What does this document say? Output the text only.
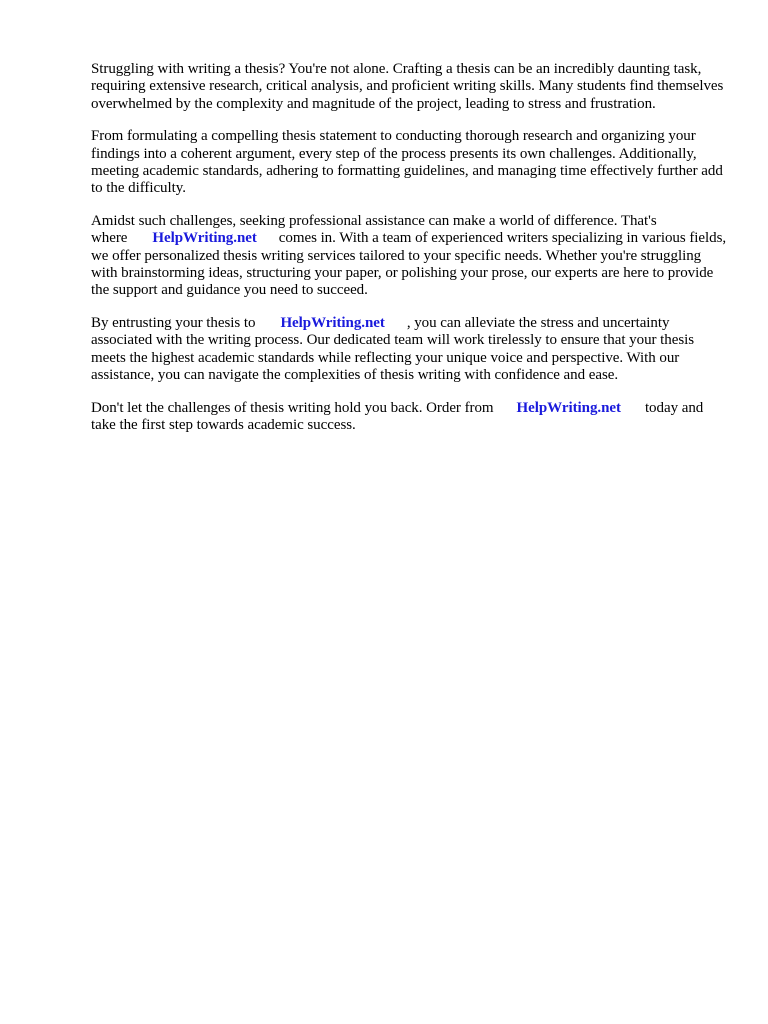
Struggling with writing a thesis? You're not alone. Crafting a thesis can be an incredibly daunting task, requiring extensive research, critical analysis, and proficient writing skills. Many students find themselves overwhelmed by the complexity and magnitude of the project, leading to stress and frustration.

From formulating a compelling thesis statement to conducting thorough research and organizing your findings into a coherent argument, every step of the process presents its own challenges. Additionally, meeting academic standards, adhering to formatting guidelines, and managing time effectively further add to the difficulty.

Amidst such challenges, seeking professional assistance can make a world of difference. That's where HelpWriting.net comes in. With a team of experienced writers specializing in various fields, we offer personalized thesis writing services tailored to your specific needs. Whether you're struggling with brainstorming ideas, structuring your paper, or polishing your prose, our experts are here to provide the support and guidance you need to succeed.

By entrusting your thesis to HelpWriting.net , you can alleviate the stress and uncertainty associated with the writing process. Our dedicated team will work tirelessly to ensure that your thesis meets the highest academic standards while reflecting your unique voice and perspective. With our assistance, you can navigate the complexities of thesis writing with confidence and ease.

Don't let the challenges of thesis writing hold you back. Order from HelpWriting.net today and take the first step towards academic success.
